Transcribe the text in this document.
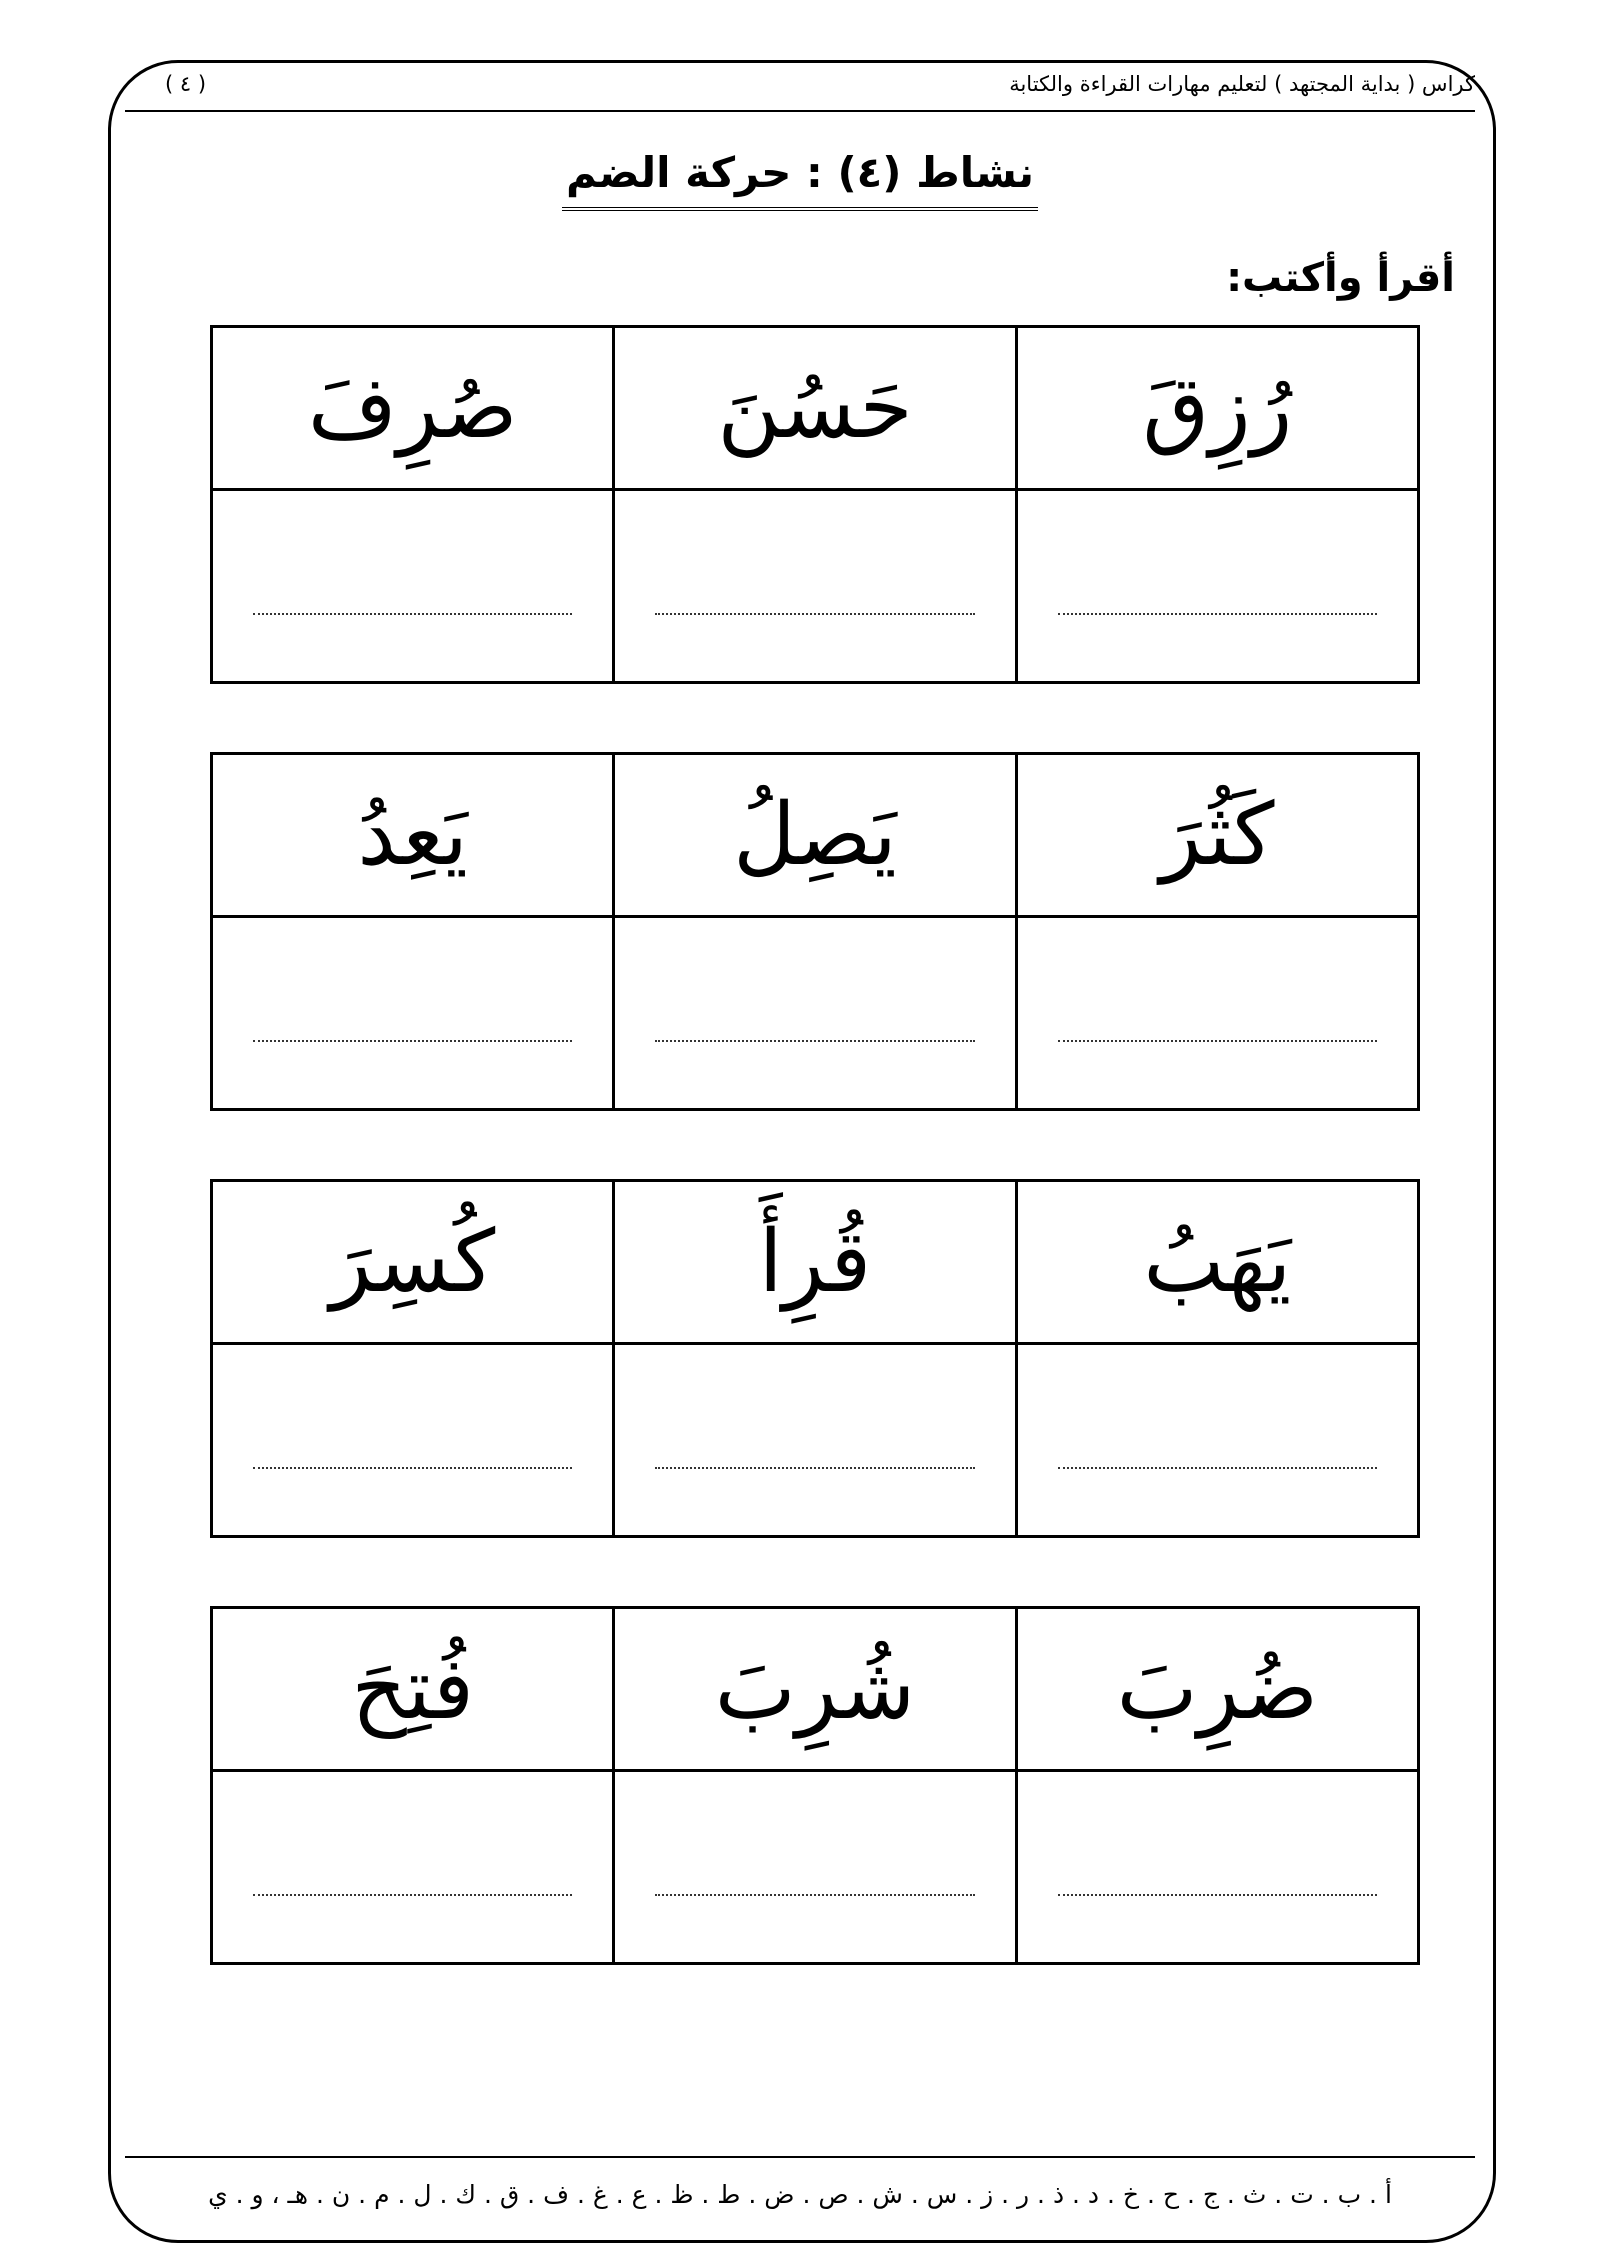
كراس ( بداية المجتهد ) لتعليم مهارات القراءة والكتابة
( ٤ )
نشاط (٤) : حركة الضم
أقرأ وأكتب:
رُزِقَ	حَسُنَ	صُرِفَ

كَثُرَ	يَصِلُ	يَعِدُ

يَهَبُ	قُرِأَ	كُسِرَ

ضُرِبَ	شُرِبَ	فُتِحَ

أ . ب . ت . ث . ج . ح . خ . د . ذ . ر . ز . س . ش . ص . ض . ط . ظ . ع . غ . ف . ق . ك . ل . م . ن . هـ ، و . ي
